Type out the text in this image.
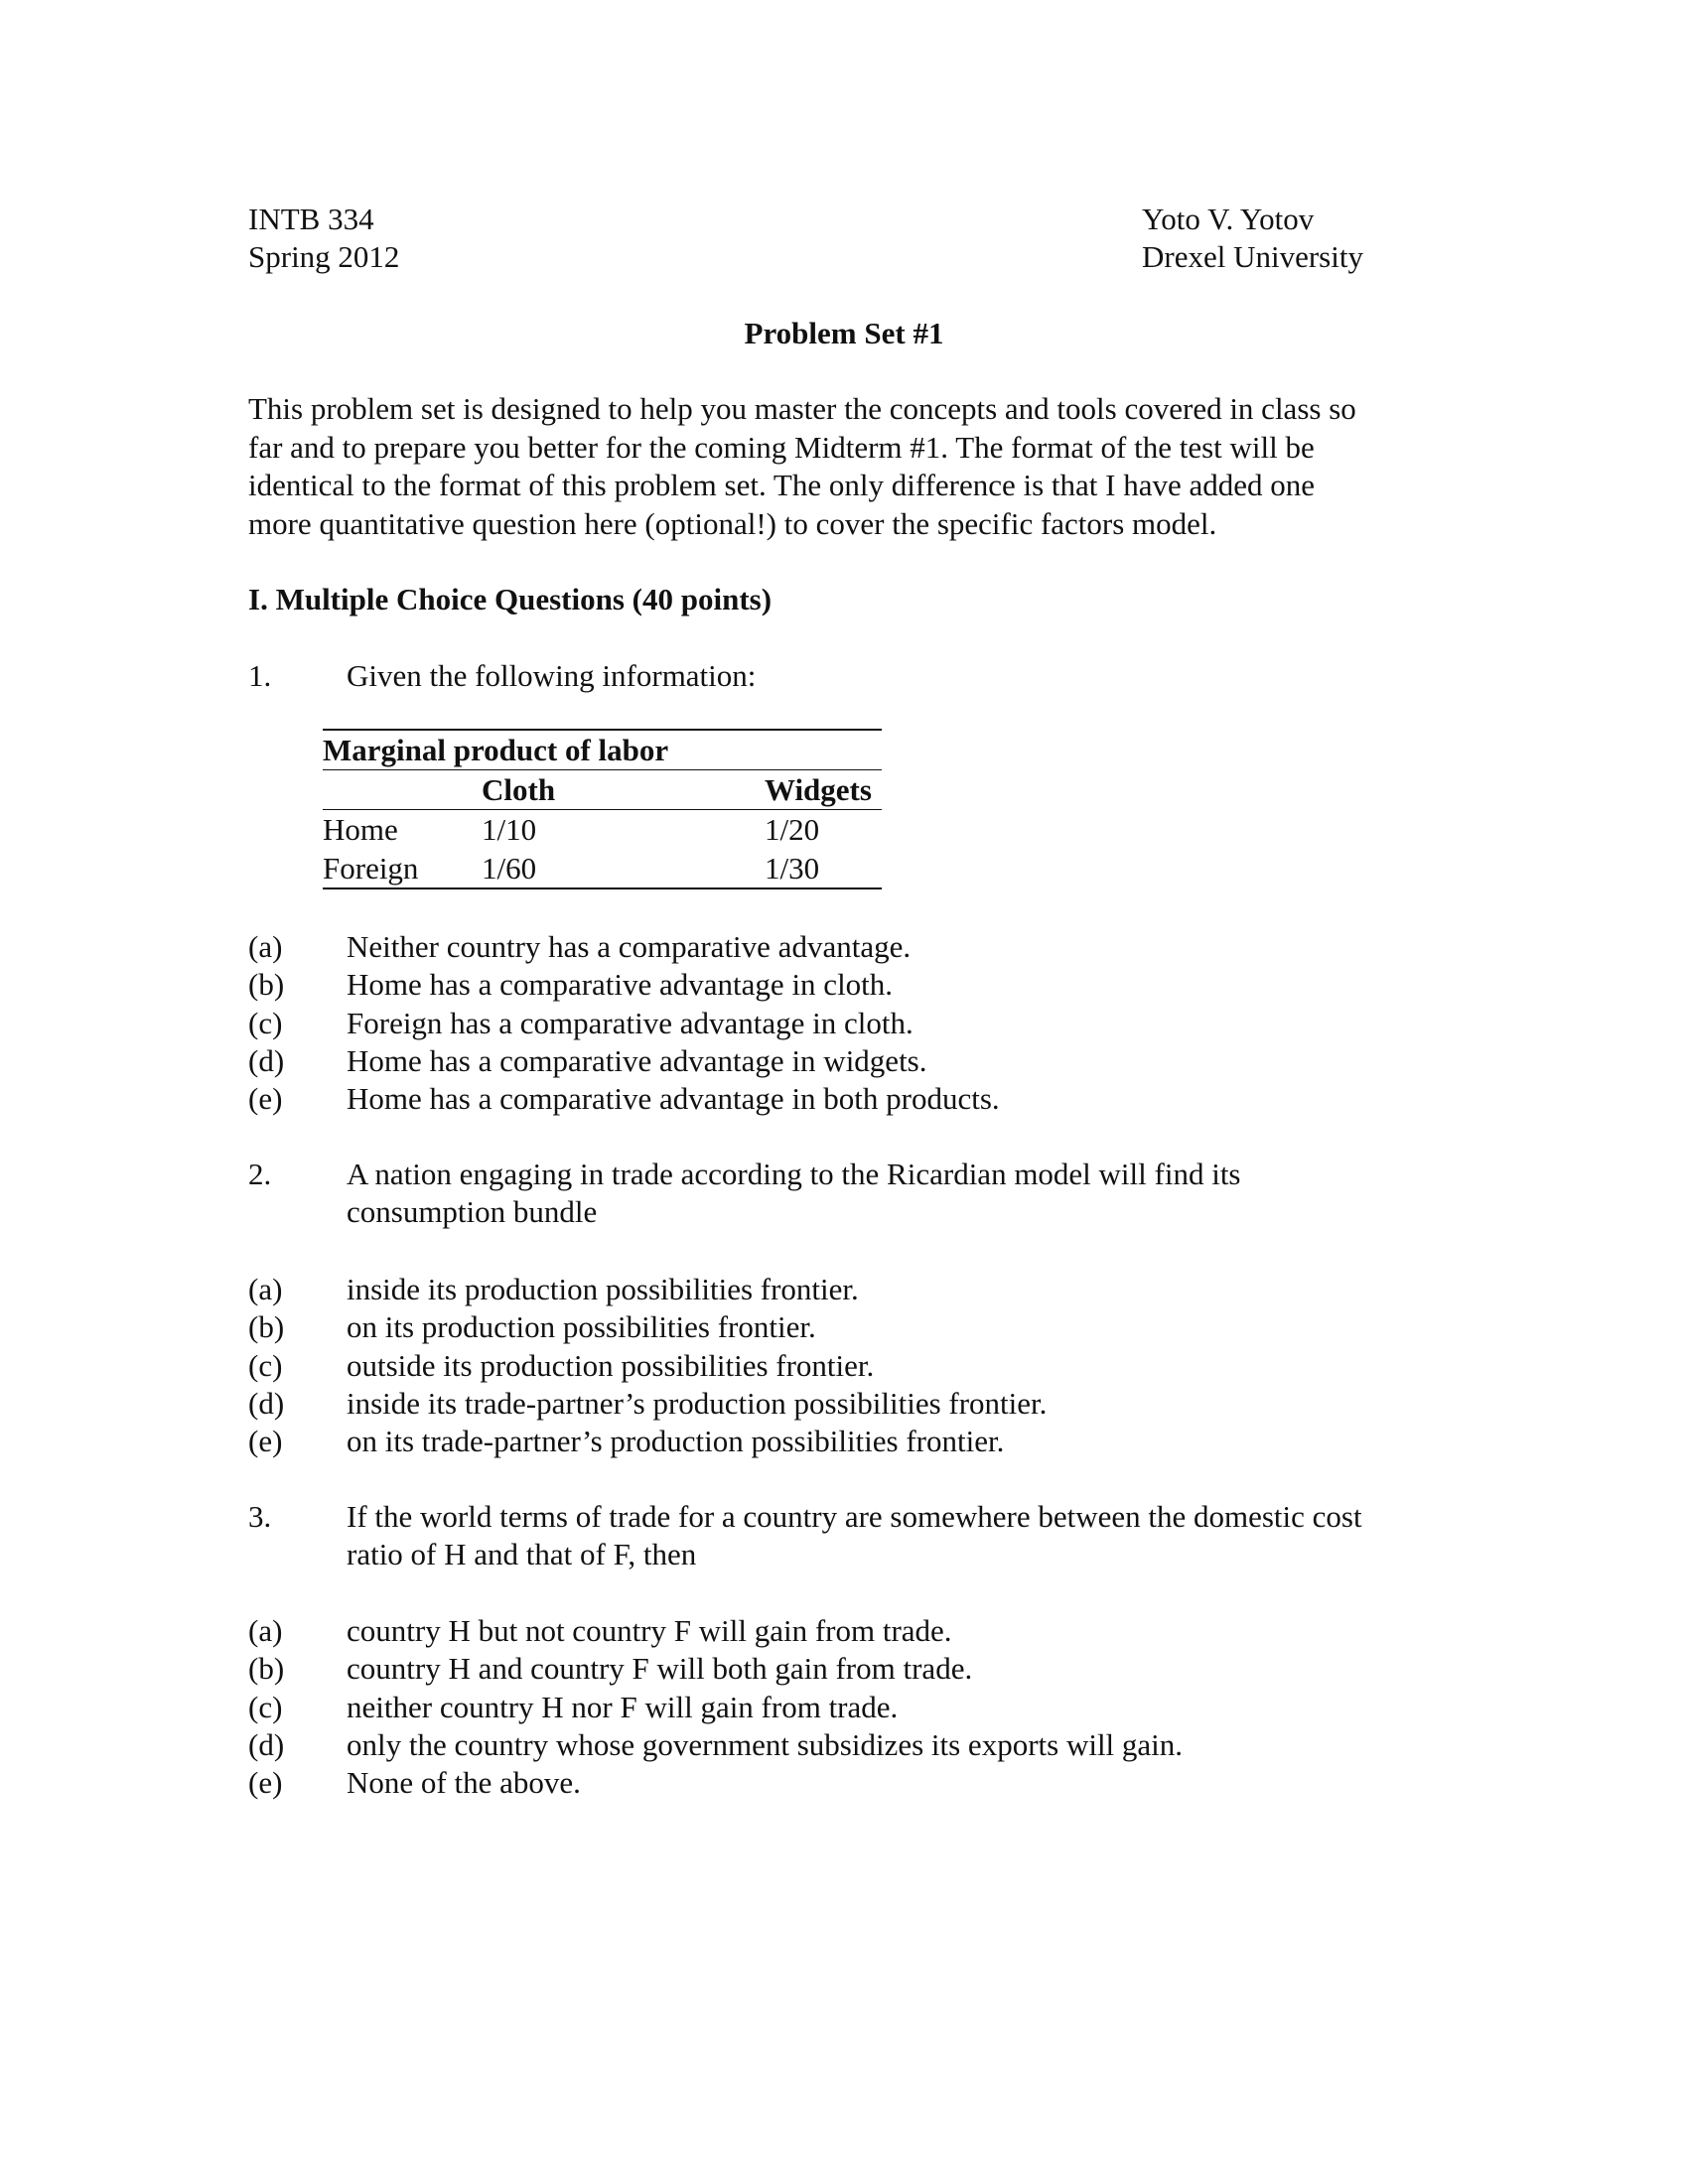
INTB 334
Spring 2012
Yoto V. Yotov
Drexel University
Problem Set #1
This problem set is designed to help you master the concepts and tools covered in class so
far and to prepare you better for the coming Midterm #1. The format of the test will be
identical to the format of this problem set. The only difference is that I have added one
more quantitative question here (optional!) to cover the specific factors model.
I. Multiple Choice Questions (40 points)
1. Given the following information:
Marginal product of labor		
	Cloth	Widgets
Home	1/10	1/20
Foreign	1/60	1/30
(a)	Neither country has a comparative advantage.
(b)	Home has a comparative advantage in cloth.
(c)	Foreign has a comparative advantage in cloth.
(d)	Home has a comparative advantage in widgets.
(e)	Home has a comparative advantage in both products.
2. A nation engaging in trade according to the Ricardian model will find its
consumption bundle
(a)	inside its production possibilities frontier.
(b)	on its production possibilities frontier.
(c)	outside its production possibilities frontier.
(d)	inside its trade-partner’s production possibilities frontier.
(e)	on its trade-partner’s production possibilities frontier.
3. If the world terms of trade for a country are somewhere between the domestic cost
ratio of H and that of F, then
(a)	country H but not country F will gain from trade.
(b)	country H and country F will both gain from trade.
(c)	neither country H nor F will gain from trade.
(d)	only the country whose government subsidizes its exports will gain.
(e)	None of the above.
